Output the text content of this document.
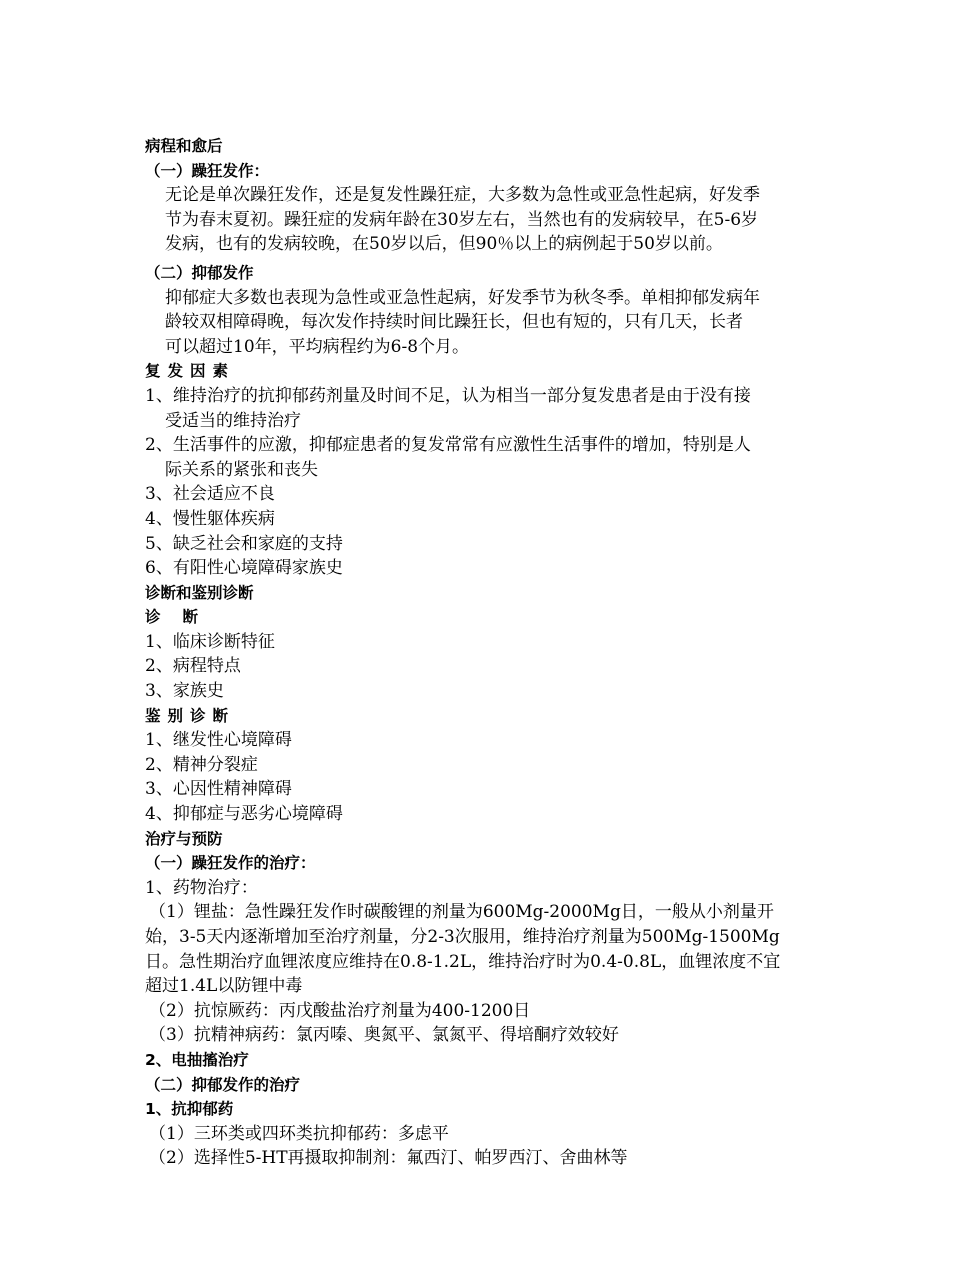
病程和愈后
（一）躁狂发作：
无论是单次躁狂发作，还是复发性躁狂症，大多数为急性或亚急性起病，好发季
节为春末夏初。躁狂症的发病年龄在30岁左右，当然也有的发病较早，在5-6岁
发病，也有的发病较晚，在50岁以后，但90％以上的病例起于50岁以前。
（二）抑郁发作
抑郁症大多数也表现为急性或亚急性起病，好发季节为秋冬季。单相抑郁发病年
龄较双相障碍晚，每次发作持续时间比躁狂长，但也有短的，只有几天，长者
可以超过10年，平均病程约为6-8个月。
复发因素
1、维持治疗的抗抑郁药剂量及时间不足，认为相当一部分复发患者是由于没有接
受适当的维持治疗
2、生活事件的应激，抑郁症患者的复发常常有应激性生活事件的增加，特别是人
际关系的紧张和丧失
3、社会适应不良
4、慢性躯体疾病
5、缺乏社会和家庭的支持
6、有阳性心境障碍家族史
诊断和鉴别诊断
诊断
1、临床诊断特征
2、病程特点
3、家族史
鉴别诊断
1、继发性心境障碍
2、精神分裂症
3、心因性精神障碍
4、抑郁症与恶劣心境障碍
治疗与预防
（一）躁狂发作的治疗：
1、药物治疗：
（1）锂盐：急性躁狂发作时碳酸锂的剂量为600Mg-2000Mg日，一般从小剂量开
始，3-5天内逐渐增加至治疗剂量，分2-3次服用，维持治疗剂量为500Mg-1500Mg
日。急性期治疗血锂浓度应维持在0.8-1.2L，维持治疗时为0.4-0.8L，血锂浓度不宜
超过1.4L以防锂中毒
（2）抗惊厥药：丙戊酸盐治疗剂量为400-1200日
（3）抗精神病药：氯丙嗪、奥氮平、氯氮平、得培酮疗效较好
2、电抽搐治疗
（二）抑郁发作的治疗
1、抗抑郁药
（1）三环类或四环类抗抑郁药：多虑平
（2）选择性5-HT再摄取抑制剂：氟西汀、帕罗西汀、舍曲林等
